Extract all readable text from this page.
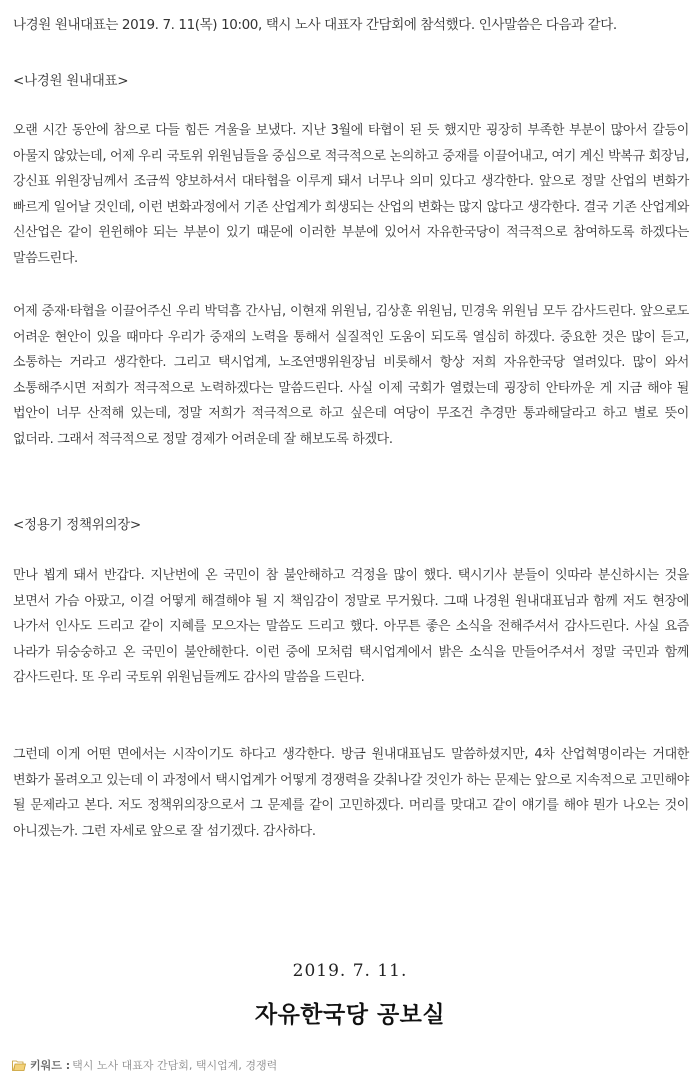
나경원 원내대표는 2019. 7. 11(목) 10:00, 택시 노사 대표자 간담회에 참석했다. 인사말씀은 다음과 같다.
<나경원 원내대표>
오랜 시간 동안에 참으로 다들 힘든 겨울을 보냈다. 지난 3월에 타협이 된 듯 했지만 굉장히 부족한 부분이 많아서 갈등이 아물지 않았는데, 어제 우리 국토위 위원님들을 중심으로 적극적으로 논의하고 중재를 이끌어내고, 여기 계신 박복규 회장님, 강신표 위원장님께서 조금씩 양보하셔서 대타협을 이루게 돼서 너무나 의미 있다고 생각한다. 앞으로 정말 산업의 변화가 빠르게 일어날 것인데, 이런 변화과정에서 기존 산업계가 희생되는 산업의 변화는 많지 않다고 생각한다. 결국 기존 산업계와 신산업은 같이 윈윈해야 되는 부분이 있기 때문에 이러한 부분에 있어서 자유한국당이 적극적으로 참여하도록 하겠다는 말씀드린다.
어제 중재·타협을 이끌어주신 우리 박덕흠 간사님, 이현재 위원님, 김상훈 위원님, 민경욱 위원님 모두 감사드린다. 앞으로도 어려운 현안이 있을 때마다 우리가 중재의 노력을 통해서 실질적인 도움이 되도록 열심히 하겠다. 중요한 것은 많이 듣고, 소통하는 거라고 생각한다. 그리고 택시업계, 노조연맹위원장님 비롯해서 항상 저희 자유한국당 열려있다. 많이 와서 소통해주시면 저희가 적극적으로 노력하겠다는 말씀드린다. 사실 이제 국회가 열렸는데 굉장히 안타까운 게 지금 해야 될 법안이 너무 산적해 있는데, 정말 저희가 적극적으로 하고 싶은데 여당이 무조건 추경만 통과해달라고 하고 별로 뜻이 없더라. 그래서 적극적으로 정말 경제가 어려운데 잘 해보도록 하겠다.
<정용기 정책위의장>
만나 뵙게 돼서 반갑다. 지난번에 온 국민이 참 불안해하고 걱정을 많이 했다. 택시기사 분들이 잇따라 분신하시는 것을 보면서 가슴 아팠고, 이걸 어떻게 해결해야 될 지 책임감이 정말로 무거웠다. 그때 나경원 원내대표님과 함께 저도 현장에 나가서 인사도 드리고 같이 지혜를 모으자는 말씀도 드리고 했다. 아무튼 좋은 소식을 전해주셔서 감사드린다. 사실 요즘 나라가 뒤숭숭하고 온 국민이 불안해한다. 이런 중에 모처럼 택시업계에서 밝은 소식을 만들어주셔서 정말 국민과 함께 감사드린다. 또 우리 국토위 위원님들께도 감사의 말씀을 드린다.
그런데 이게 어떤 면에서는 시작이기도 하다고 생각한다. 방금 원내대표님도 말씀하셨지만, 4차 산업혁명이라는 거대한 변화가 몰려오고 있는데 이 과정에서 택시업계가 어떻게 경쟁력을 갖춰나갈 것인가 하는 문제는 앞으로 지속적으로 고민해야 될 문제라고 본다. 저도 정책위의장으로서 그 문제를 같이 고민하겠다. 머리를 맞대고 같이 얘기를 해야 뭔가 나오는 것이 아니겠는가. 그런 자세로 앞으로 잘 섬기겠다. 감사하다.
2019. 7. 11.
자유한국당 공보실
키워드 : 택시 노사 대표자 간담회, 택시업계, 경쟁력
